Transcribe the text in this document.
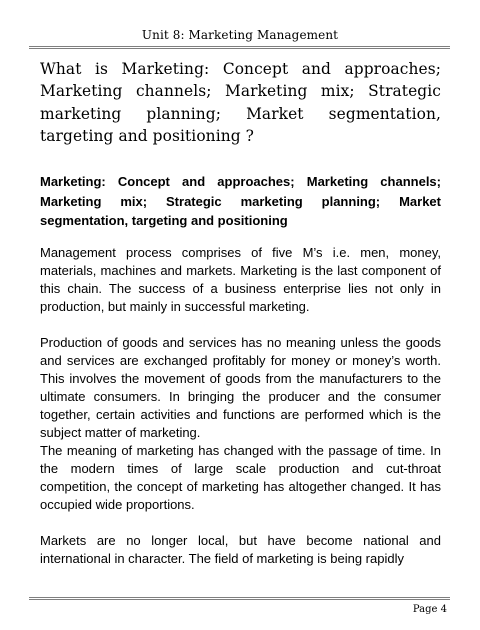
Unit 8: Marketing Management
What is Marketing: Concept and approaches; Marketing channels; Marketing mix; Strategic marketing planning; Market segmentation, targeting and positioning ?

Marketing: Concept and approaches; Marketing channels; Marketing mix; Strategic marketing planning; Market segmentation, targeting and positioning

Management process comprises of five M’s i.e. men, money, materials, machines and markets. Marketing is the last component of this chain. The success of a business enterprise lies not only in production, but mainly in successful marketing.

Production of goods and services has no meaning unless the goods and services are exchanged profitably for money or money’s worth. This involves the movement of goods from the manufacturers to the ultimate consumers. In bringing the producer and the consumer together, certain activities and functions are performed which is the subject matter of marketing.

The meaning of marketing has changed with the passage of time. In the modern times of large scale production and cut-throat competition, the concept of marketing has altogether changed. It has occupied wide proportions.

Markets are no longer local, but have become national and international in character. The field of marketing is being rapidly

Page 4
